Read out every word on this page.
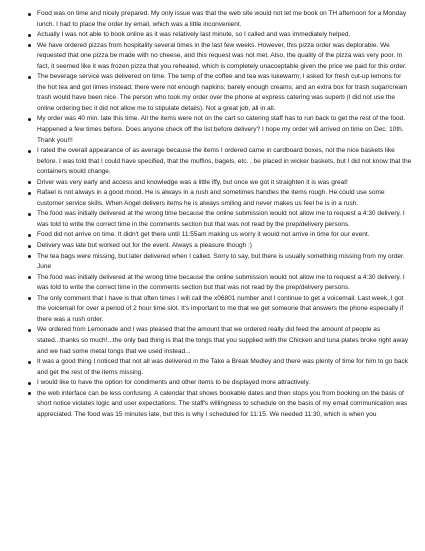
Food was on time and nicely prepared. My only issue was that the web site would not let me book on TH afternoon for a Monday lunch. I had to place the order by email, which was a little inconvenient.
Actually I was not able to book online as it was relatively last minute, so I called and was immediately helped.
We have ordered pizzas from hospitality several times in the last few weeks. However, this pizza order was deplorable. We requested that one pizza be made with no cheese, and this request was not met. Also, the quality of the pizza was very poor. In fact, it seemed like it was frozen pizza that you reheated, which is completely unacceptable given the price we paid for this order.
The beverage service was delivered on time. The temp of the coffee and tea was lukewarm; I asked for fresh cut-up lemons for the hot tea and got limes instead; there were not enough napkins; barely enough creams; and an extra box for trash sugar/cream trash would have been nice. The person who took my order over the phone at express catering was superb (I did not use the online ordering bec it did not allow me to stipulate details). Not a great job, all in all.
My order was 40 min. late this time. All the items were not on the cart so catering staff has to run back to get the rest of the food. Happened a few times before. Does anyone check off the list before delivery? I hope my order will arrived on time on Dec. 10th. Thank you!!!
I rated the overall appearance of as average because the items I ordered came in cardboard boxes, not the nice baskets like before. I was told that I could have specified, that the muffins, bagels, etc. , be placed in wicker baskets, but I did not know that the containers would change.
Driver was very early and access and knowledge was a little iffy, but once we got it straighten it is was great!
Rafael is not always in a good mood. He is always in a rush and sometimes handles the items rough. He could use some customer service skills. When Angel delivers items he is always smiling and never makes us feel he is in a rush.
The food was initially delivered at the wrong time because the online submission would not allow me to request a 4:30 delivery. I was told to write the correct time in the comments section but that was not read by the prep/delivery persons.
Food did not arrive on time. It didn't get there until 11:55am making us worry it would not arrive in time for our event.
Delivery was late but worked out for the event. Always a pleasure though :)
The tea bags were missing, but later delivered when I called. Sorry to say, but there is usually something missing from my order. June
The food was initially delivered at the wrong time because the online submission would not allow me to request a 4:30 delivery. I was told to write the correct time in the comments section but that was not read by the prep/delivery persons.
The only comment that I have is that often times I will call the x06801 number and I continue to get a voicemail. Last week, I got the voicemail for over a period of 2 hour time slot. It's important to me that we get someone that answers the phone especially if there was a rush order.
We ordered from Lemonade and I was pleased that the amount that we ordered really did feed the amount of people as stated...thanks so much!...the only bad thing is that the tongs that you supplied with the Chicken and tuna plates broke right away and we had some metal tongs that we used instead...
It was a good thing I noticed that not all was delivered in the Take a Break Medley and there was plenty of time for him to go back and get the rest of the items missing.
I would like to have the option for condiments and other items to be displayed more attractively.
the web interface can be less confusing. A calendar that shows bookable dates and then stops you from booking on the basis of short notice violates logic and user expectations. The staff's willingness to schedule on the basis of my email communication was appreciated. The food was 15 minutes late, but this is why I scheduled for 11:15. We needed 11:30, which is when you
